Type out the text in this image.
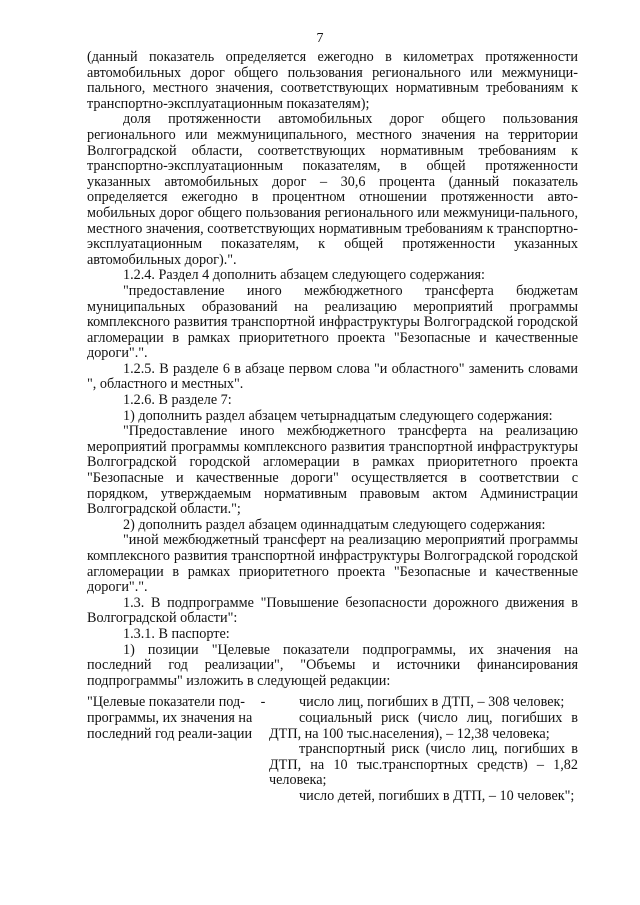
7

(данный показатель определяется ежегодно в километрах протяженности автомобильных дорог общего пользования регионального или межмуници-пального, местного значения, соответствующих нормативным требованиям к транспортно-эксплуатационным показателям);

доля протяженности автомобильных дорог общего пользования регионального или межмуниципального, местного значения на территории Волгоградской области, соответствующих нормативным требованиям к транспортно-эксплуатационным показателям, в общей протяженности указанных автомобильных дорог – 30,6 процента (данный показатель определяется ежегодно в процентном отношении протяженности авто-мобильных дорог общего пользования регионального или межмуници-пального, местного значения, соответствующих нормативным требованиям к транспортно-эксплуатационным показателям, к общей протяженности указанных автомобильных дорог).".

1.2.4. Раздел 4 дополнить абзацем следующего содержания:

"предоставление иного межбюджетного трансферта бюджетам муниципальных образований на реализацию мероприятий программы комплексного развития транспортной инфраструктуры Волгоградской городской агломерации в рамках приоритетного проекта "Безопасные и качественные дороги".".

1.2.5. В разделе 6 в абзаце первом слова "и областного" заменить словами ", областного и местных".

1.2.6. В разделе 7:

1) дополнить раздел абзацем четырнадцатым следующего содержания:

"Предоставление иного межбюджетного трансферта на реализацию мероприятий программы комплексного развития транспортной инфраструктуры Волгоградской городской агломерации в рамках приоритетного проекта "Безопасные и качественные дороги" осуществляется в соответствии с порядком, утверждаемым нормативным правовым актом Администрации Волгоградской области.";

2) дополнить раздел абзацем одиннадцатым следующего содержания:

"иной межбюджетный трансферт на реализацию мероприятий программы комплексного развития транспортной инфраструктуры Волгоградской городской агломерации в рамках приоритетного проекта "Безопасные и качественные дороги".".

1.3. В подпрограмме "Повышение безопасности дорожного движения в Волгоградской области":

1.3.1. В паспорте:

1) позиции "Целевые показатели подпрограммы, их значения на последний год реализации", "Объемы и источники финансирования подпрограммы" изложить в следующей редакции:

"Целевые показатели под-программы, их значения на последний год реали-зации
-	число лиц, погибших в ДТП, – 308 человек;

социальный риск (число лиц, погибших в ДТП, на 100 тыс.населения), – 12,38 человека;

транспортный риск (число лиц, погибших в ДТП, на 10 тыс.транспортных средств) – 1,82 человека;

число детей, погибших в ДТП, – 10 человек";
